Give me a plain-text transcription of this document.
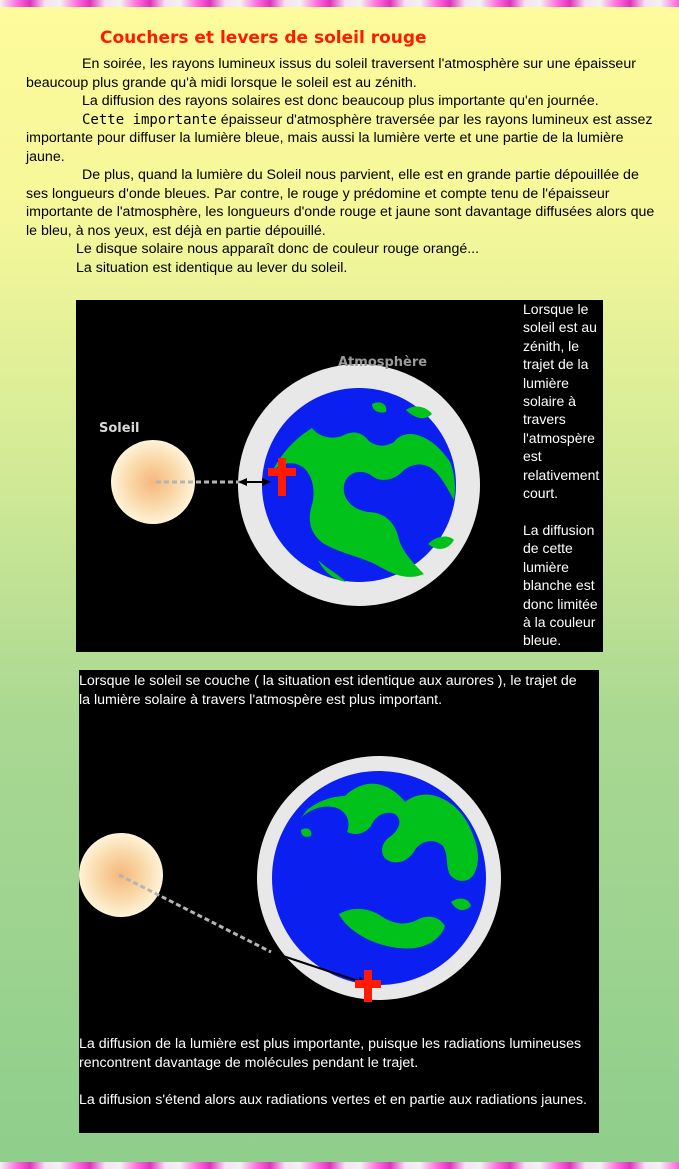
Couchers et levers de soleil rouge

En soirée, les rayons lumineux issus du soleil traversent l'atmosphère sur une épaisseur beaucoup plus grande qu'à midi lorsque le soleil est au zénith.

La diffusion des rayons solaires est donc beaucoup plus importante qu'en journée.

Cette importante épaisseur d'atmosphère traversée par les rayons lumineux est assez importante pour diffuser la lumière bleue, mais aussi la lumière verte et une partie de la lumière jaune.

De plus, quand la lumière du Soleil nous parvient, elle est en grande partie dépouillée de ses longueurs d'onde bleues. Par contre, le rouge y prédomine et compte tenu de l'épaisseur importante de l'atmosphère, les longueurs d'onde rouge et jaune sont davantage diffusées alors que le bleu, à nos yeux, est déjà en partie dépouillé.

Le disque solaire nous apparaît donc de couleur rouge orangé...

La situation est identique au lever du soleil.

Soleil
Atmosphère

Lorsque le soleil est au zénith, le trajet de la lumière solaire à travers l'atmospère est relativement court.

La diffusion de cette lumière blanche est donc limitée à la couleur bleue.

Lorsque le soleil se couche ( la situation est identique aux aurores ), le trajet de la lumière solaire à travers l'atmospère est plus important.

La diffusion de la lumière est plus importante, puisque les radiations lumineuses rencontrent davantage de molécules pendant le trajet.

La diffusion s'étend alors aux radiations vertes et en partie aux radiations jaunes.
